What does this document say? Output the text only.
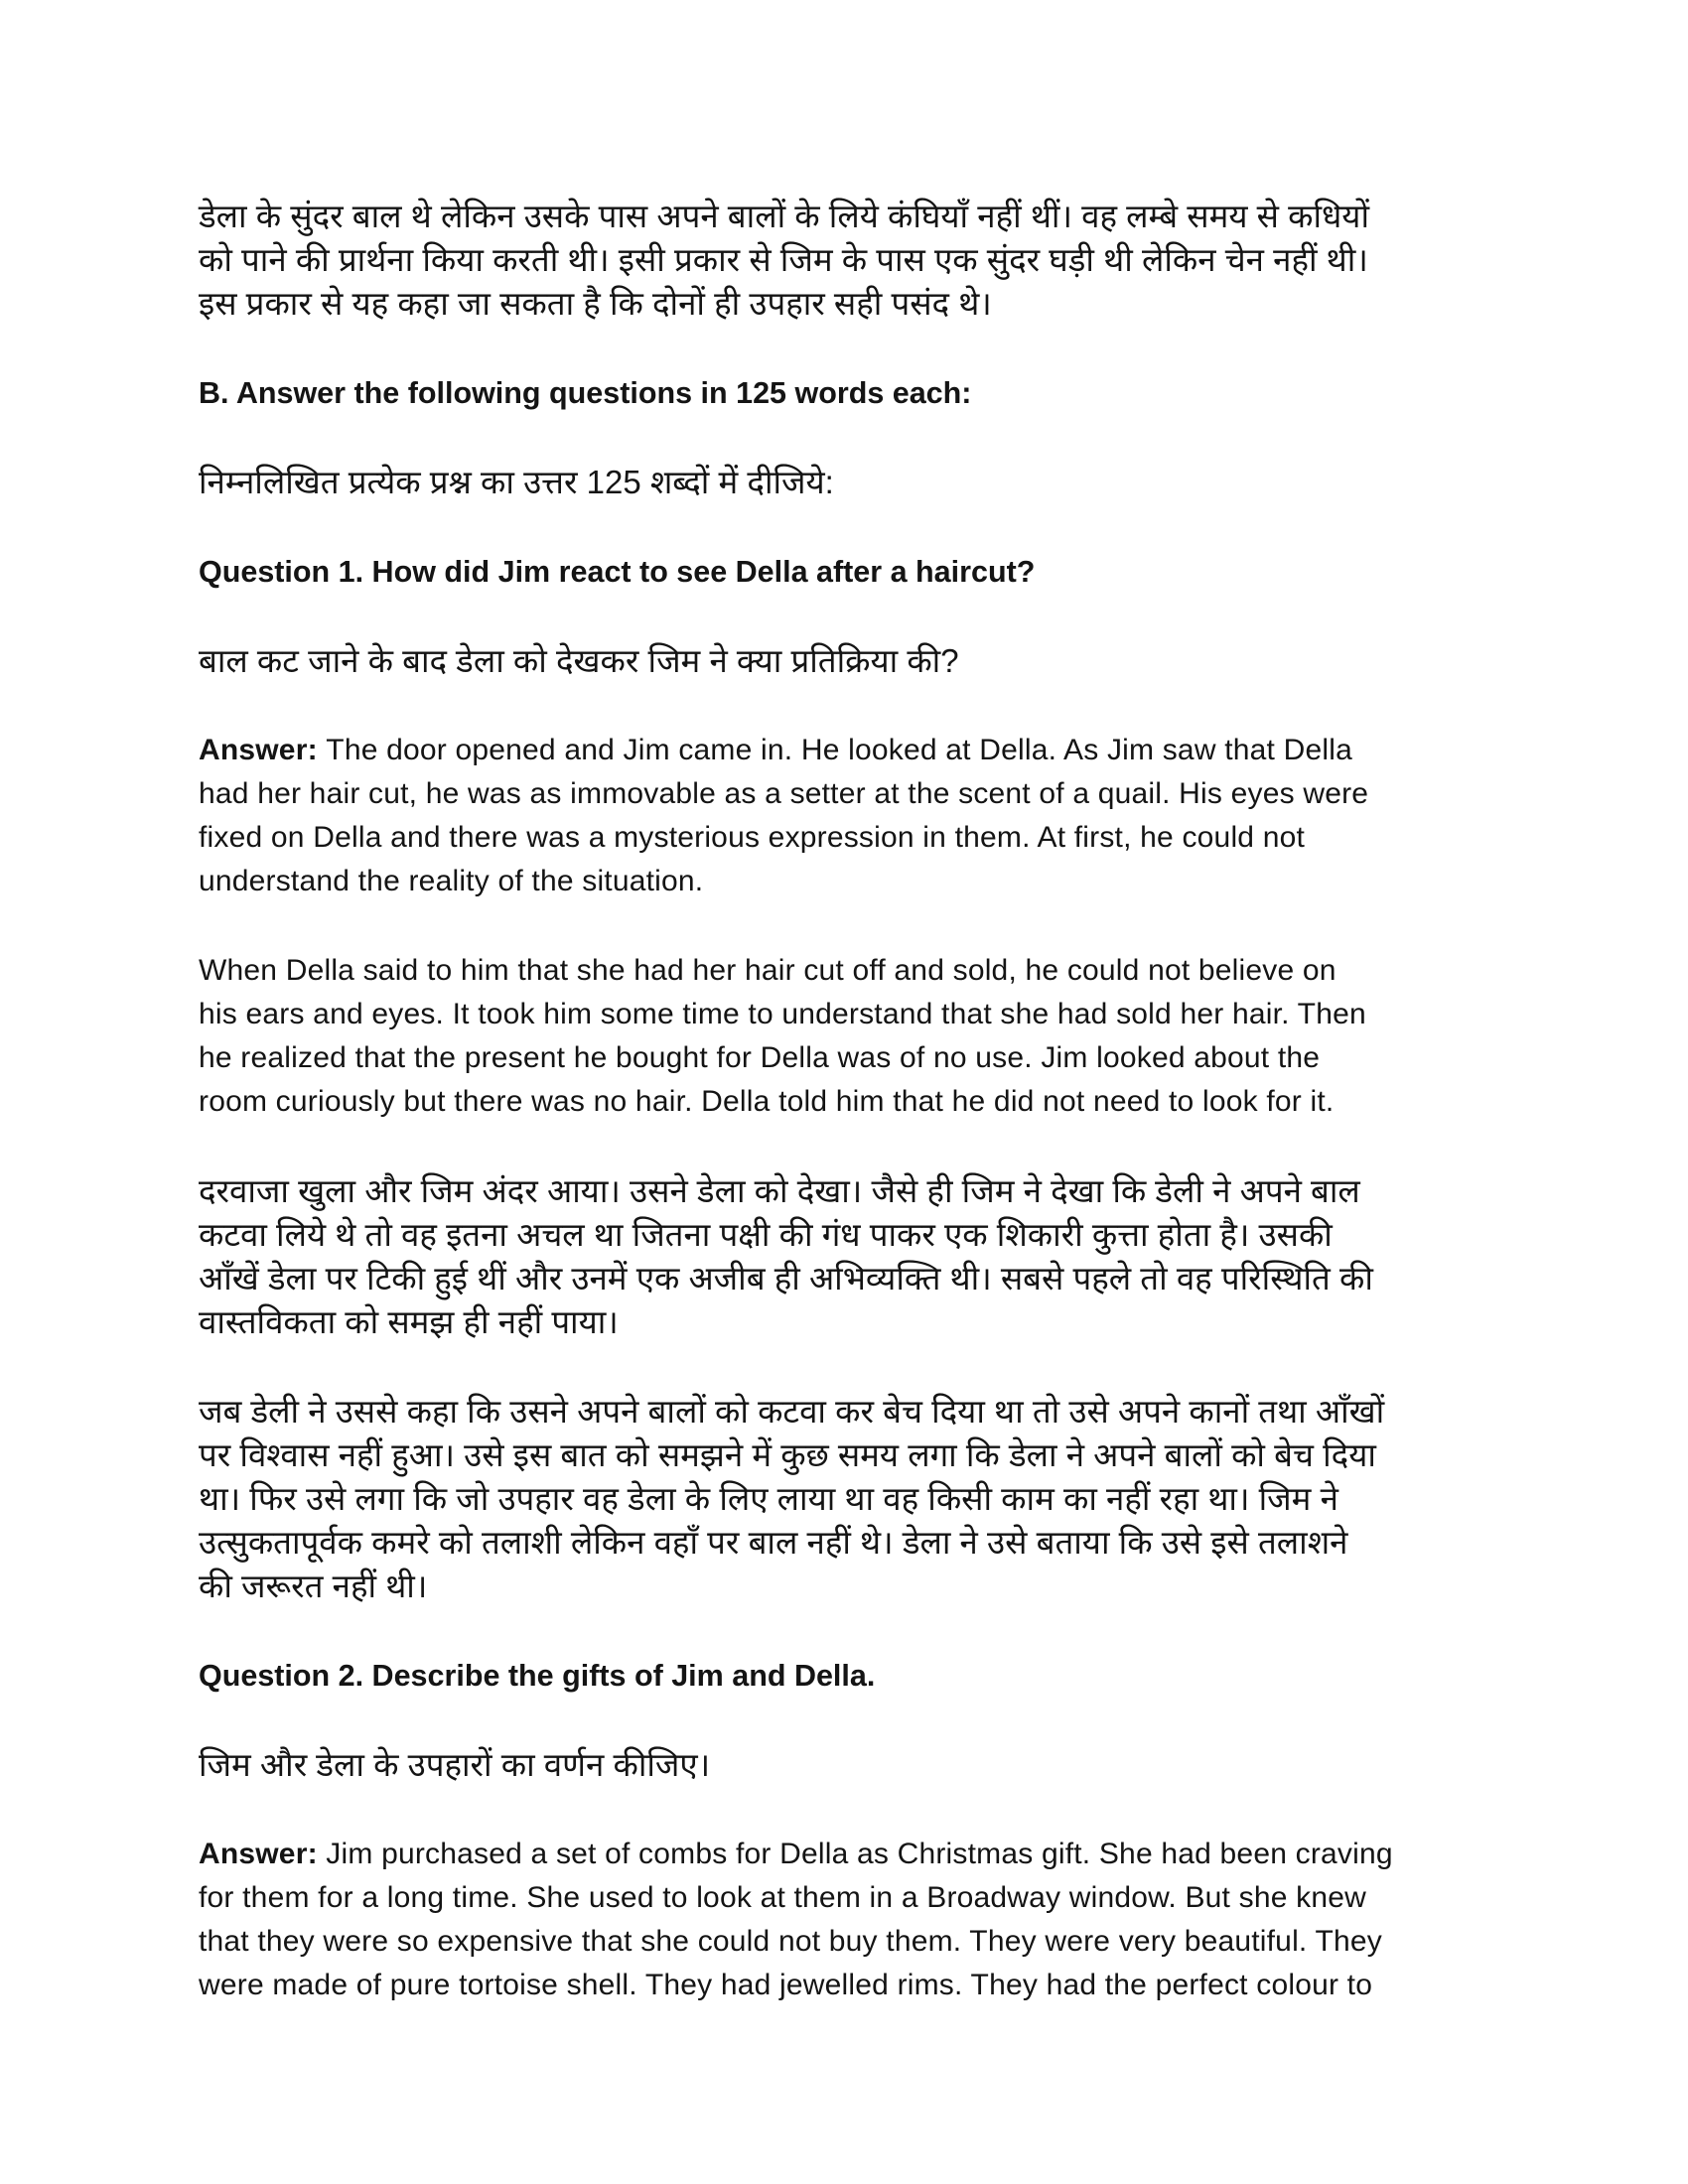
डेला के सुंदर बाल थे लेकिन उसके पास अपने बालों के लिये कंघियाँ नहीं थीं। वह लम्बे समय से कधियों
को पाने की प्रार्थना किया करती थी। इसी प्रकार से जिम के पास एक सुंदर घड़ी थी लेकिन चेन नहीं थी।
इस प्रकार से यह कहा जा सकता है कि दोनों ही उपहार सही पसंद थे।
B. Answer the following questions in 125 words each:
निम्नलिखित प्रत्येक प्रश्न का उत्तर 125 शब्दों में दीजिये:
Question 1. How did Jim react to see Della after a haircut?
बाल कट जाने के बाद डेला को देखकर जिम ने क्या प्रतिक्रिया की?
Answer: The door opened and Jim came in. He looked at Della. As Jim saw that Della
had her hair cut, he was as immovable as a setter at the scent of a quail. His eyes were
fixed on Della and there was a mysterious expression in them. At first, he could not
understand the reality of the situation.
When Della said to him that she had her hair cut off and sold, he could not believe on
his ears and eyes. It took him some time to understand that she had sold her hair. Then
he realized that the present he bought for Della was of no use. Jim looked about the
room curiously but there was no hair. Della told him that he did not need to look for it.
दरवाजा खुला और जिम अंदर आया। उसने डेला को देखा। जैसे ही जिम ने देखा कि डेली ने अपने बाल
कटवा लिये थे तो वह इतना अचल था जितना पक्षी की गंध पाकर एक शिकारी कुत्ता होता है। उसकी
आँखें डेला पर टिकी हुई थीं और उनमें एक अजीब ही अभिव्यक्ति थी। सबसे पहले तो वह परिस्थिति की
वास्तविकता को समझ ही नहीं पाया।
जब डेली ने उससे कहा कि उसने अपने बालों को कटवा कर बेच दिया था तो उसे अपने कानों तथा आँखों
पर विश्वास नहीं हुआ। उसे इस बात को समझने में कुछ समय लगा कि डेला ने अपने बालों को बेच दिया
था। फिर उसे लगा कि जो उपहार वह डेला के लिए लाया था वह किसी काम का नहीं रहा था। जिम ने
उत्सुकतापूर्वक कमरे को तलाशी लेकिन वहाँ पर बाल नहीं थे। डेला ने उसे बताया कि उसे इसे तलाशने
की जरूरत नहीं थी।
Question 2. Describe the gifts of Jim and Della.
जिम और डेला के उपहारों का वर्णन कीजिए।
Answer: Jim purchased a set of combs for Della as Christmas gift. She had been craving
for them for a long time. She used to look at them in a Broadway window. But she knew
that they were so expensive that she could not buy them. They were very beautiful. They
were made of pure tortoise shell. They had jewelled rims. They had the perfect colour to
